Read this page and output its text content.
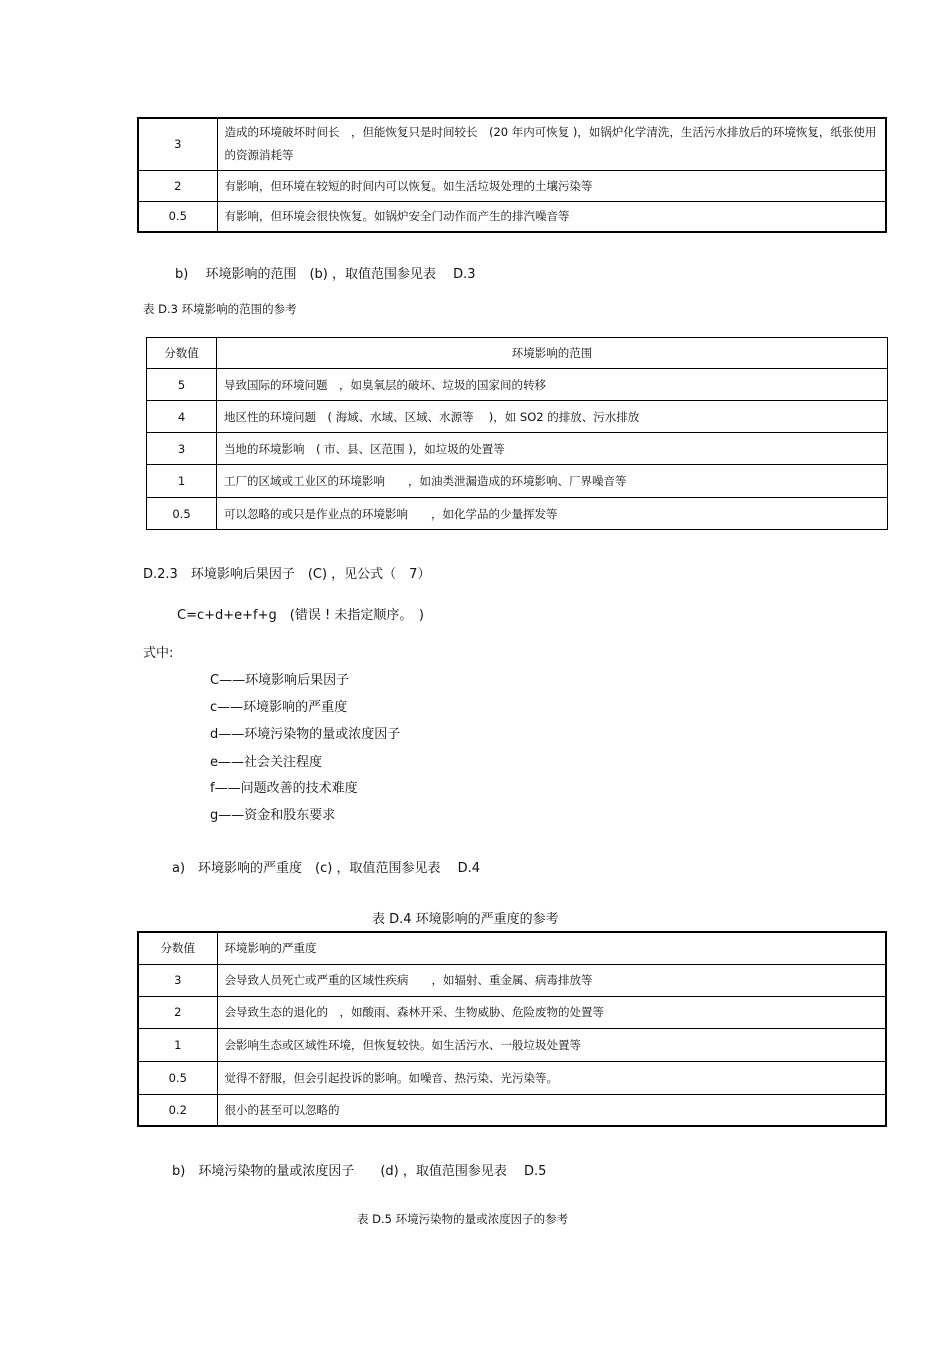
3	造成的环境破坏时间长　，但能恢复只是时间较长　(20 年内可恢复 )，如锅炉化学清洗，生活污水排放后的环境恢复，纸张使用的资源消耗等
2	有影响，但环境在较短的时间内可以恢复。如生活垃圾处理的土壤污染等
0.5	有影响，但环境会很快恢复。如锅炉安全门动作而产生的排汽噪音等
b)　 环境影响的范围　(b) ，取值范围参见表　 D.3
表 D.3 环境影响的范围的参考
分数值	环境影响的范围
5	导致国际的环境问题　，如臭氧层的破坏、垃圾的国家间的转移
4	地区性的环境问题　( 海域、水域、区域、水源等　 )，如 SO2 的排放、污水排放
3	当地的环境影响　( 市、县、区范围 )，如垃圾的处置等
1	工厂的区域或工业区的环境影响　　，如油类泄漏造成的环境影响、厂界噪音等
0.5	可以忽略的或只是作业点的环境影响　　，如化学品的少量挥发等
D.2.3　环境影响后果因子　(C) ，见公式（　7）
C=c+d+e+f+g　(错误 ! 未指定顺序。　)
式中:
C——环境影响后果因子
c——环境影响的严重度
d——环境污染物的量或浓度因子
e——社会关注程度
f——问题改善的技术难度
g——资金和股东要求
a)　环境影响的严重度　(c) ，取值范围参见表　 D.4
表 D.4 环境影响的严重度的参考
分数值	环境影响的严重度
3	会导致人员死亡或严重的区域性疾病　　，如辐射、重金属、病毒排放等
2	会导致生态的退化的　，如酸雨、森林开采、生物威胁、危险废物的处置等
1	会影响生态或区域性环境，但恢复较快。如生活污水、一般垃圾处置等
0.5	觉得不舒服，但会引起投诉的影响。如噪音、热污染、光污染等。
0.2	很小的甚至可以忽略的
b)　环境污染物的量或浓度因子　　(d) ，取值范围参见表　 D.5
表 D.5 环境污染物的量或浓度因子的参考
